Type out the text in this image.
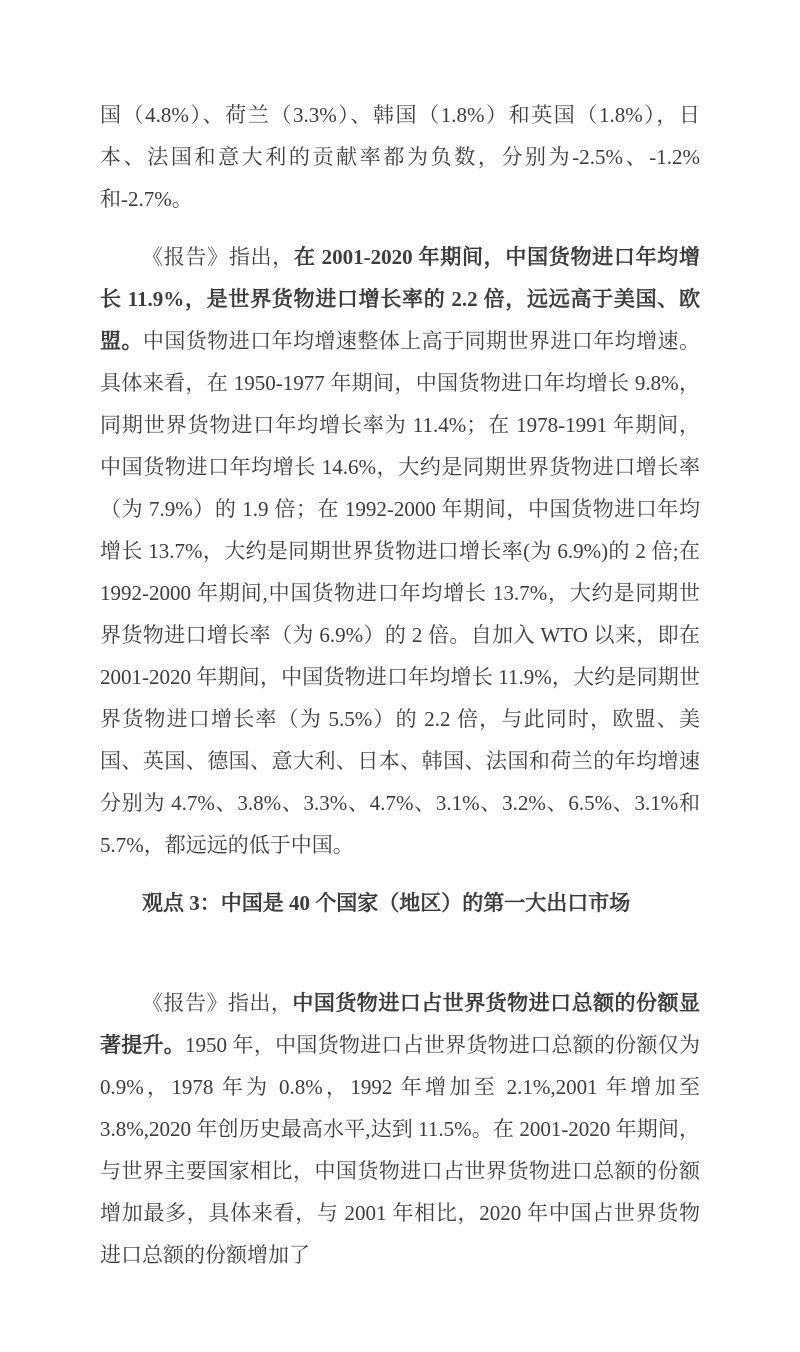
国（4.8%）、荷兰（3.3%）、韩国（1.8%）和英国（1.8%），日本、法国和意大利的贡献率都为负数，分别为-2.5%、-1.2%和-2.7%。

《报告》指出，在 2001-2020 年期间，中国货物进口年均增长 11.9%，是世界货物进口增长率的 2.2 倍，远远高于美国、欧盟。中国货物进口年均增速整体上高于同期世界进口年均增速。具体来看，在 1950-1977 年期间，中国货物进口年均增长 9.8%，同期世界货物进口年均增长率为 11.4%；在 1978-1991 年期间，中国货物进口年均增长 14.6%，大约是同期世界货物进口增长率（为 7.9%）的 1.9 倍；在 1992-2000 年期间，中国货物进口年均增长 13.7%，大约是同期世界货物进口增长率(为 6.9%)的 2 倍;在 1992-2000 年期间,中国货物进口年均增长 13.7%，大约是同期世界货物进口增长率（为 6.9%）的 2 倍。自加入 WTO 以来，即在 2001-2020 年期间，中国货物进口年均增长 11.9%，大约是同期世界货物进口增长率（为 5.5%）的 2.2 倍，与此同时，欧盟、美国、英国、德国、意大利、日本、韩国、法国和荷兰的年均增速分别为 4.7%、3.8%、3.3%、4.7%、3.1%、3.2%、6.5%、3.1%和 5.7%，都远远的低于中国。

观点 3：中国是 40 个国家（地区）的第一大出口市场

《报告》指出，中国货物进口占世界货物进口总额的份额显著提升。1950 年，中国货物进口占世界货物进口总额的份额仅为 0.9%，1978 年为 0.8%，1992 年增加至 2.1%,2001 年增加至 3.8%,2020 年创历史最高水平,达到 11.5%。在 2001-2020 年期间，与世界主要国家相比，中国货物进口占世界货物进口总额的份额增加最多，具体来看，与 2001 年相比，2020 年中国占世界货物进口总额的份额增加了
